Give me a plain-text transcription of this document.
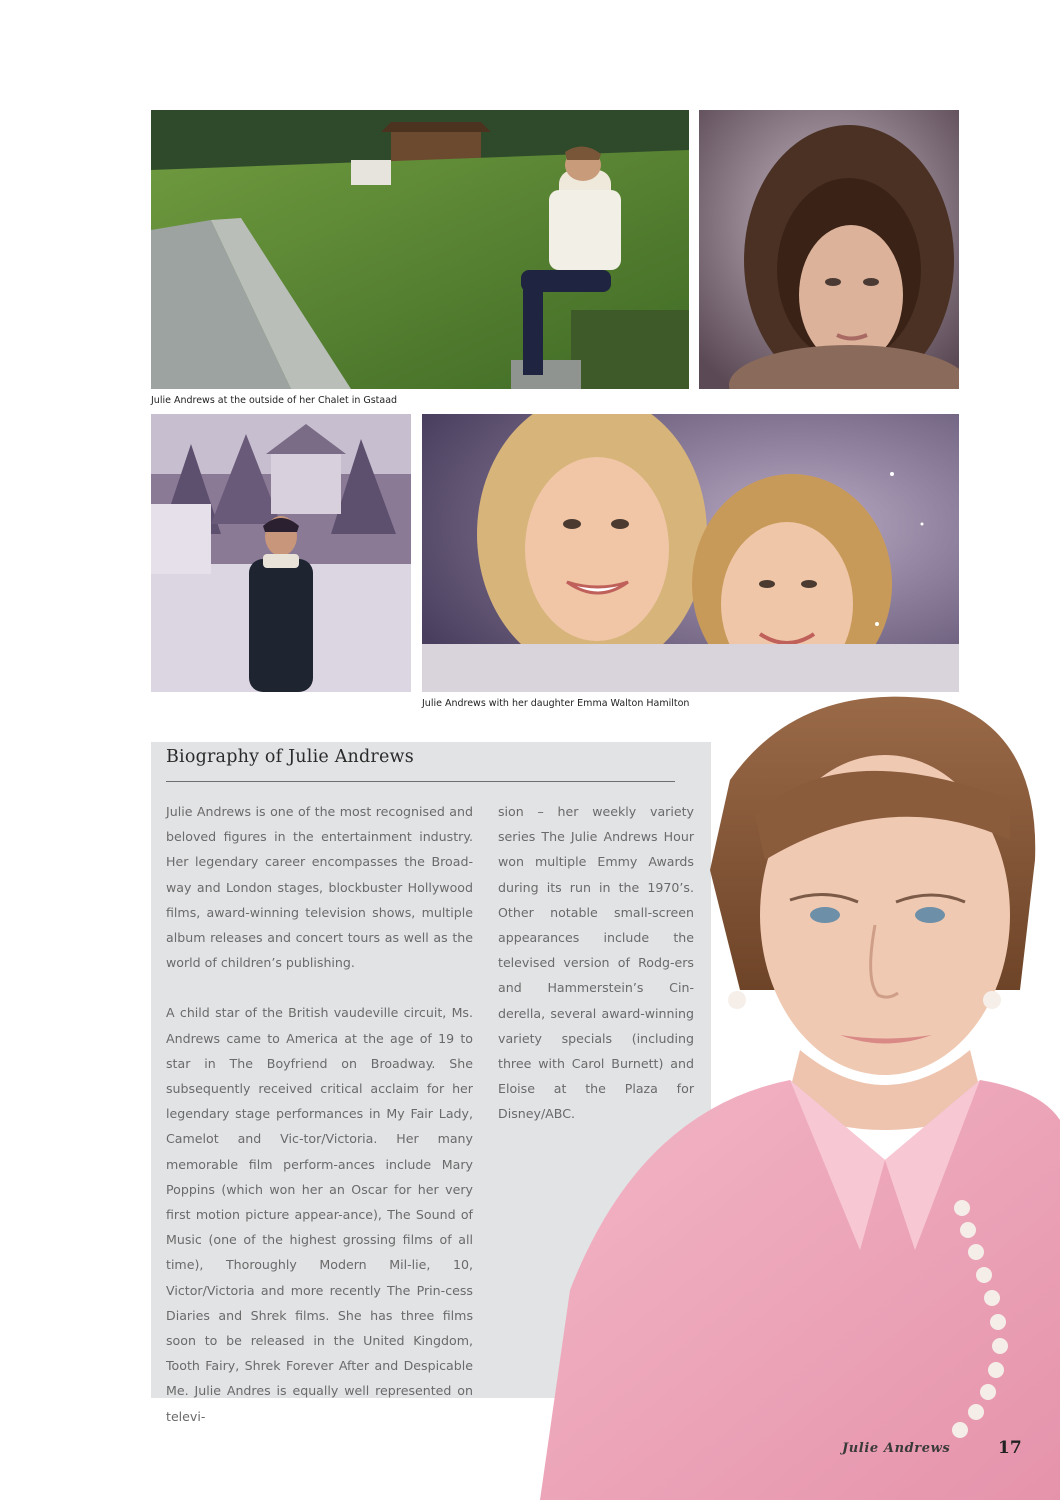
Julie Andrews at the outside of her Chalet in Gstaad
Julie Andrews with her daughter Emma Walton Hamilton
Biography of Julie Andrews

Julie Andrews is one of the most recognised and beloved figures in the entertainment industry. Her legendary career encompasses the Broad-way and London stages, blockbuster Hollywood films, award-winning television shows, multiple album releases and concert tours as well as the world of children’s publishing.

A child star of the British vaudeville circuit, Ms. Andrews came to America at the age of 19 to star in The Boyfriend on Broadway. She subsequently received critical acclaim for her legendary stage performances in My Fair Lady, Camelot and Vic-tor/Victoria. Her many memorable film perform-ances include Mary Poppins (which won her an Oscar for her very first motion picture appear-ance), The Sound of Music (one of the highest grossing films of all time), Thoroughly Modern Mil-lie, 10, Victor/Victoria and more recently The Prin-cess Diaries and Shrek films. She has three films soon to be released in the United Kingdom, Tooth Fairy, Shrek Forever After and Despicable Me. Julie Andres is equally well represented on televi-

sion – her weekly variety series The Julie Andrews Hour won multiple Emmy Awards during its run in the 1970’s. Other notable small-screen appearances include the televised version of Rodg-ers and Hammerstein’s Cin-derella, several award-winning variety specials (including three with Carol Burnett) and Eloise at the Plaza for Disney/ABC.

Julie Andrews	17
